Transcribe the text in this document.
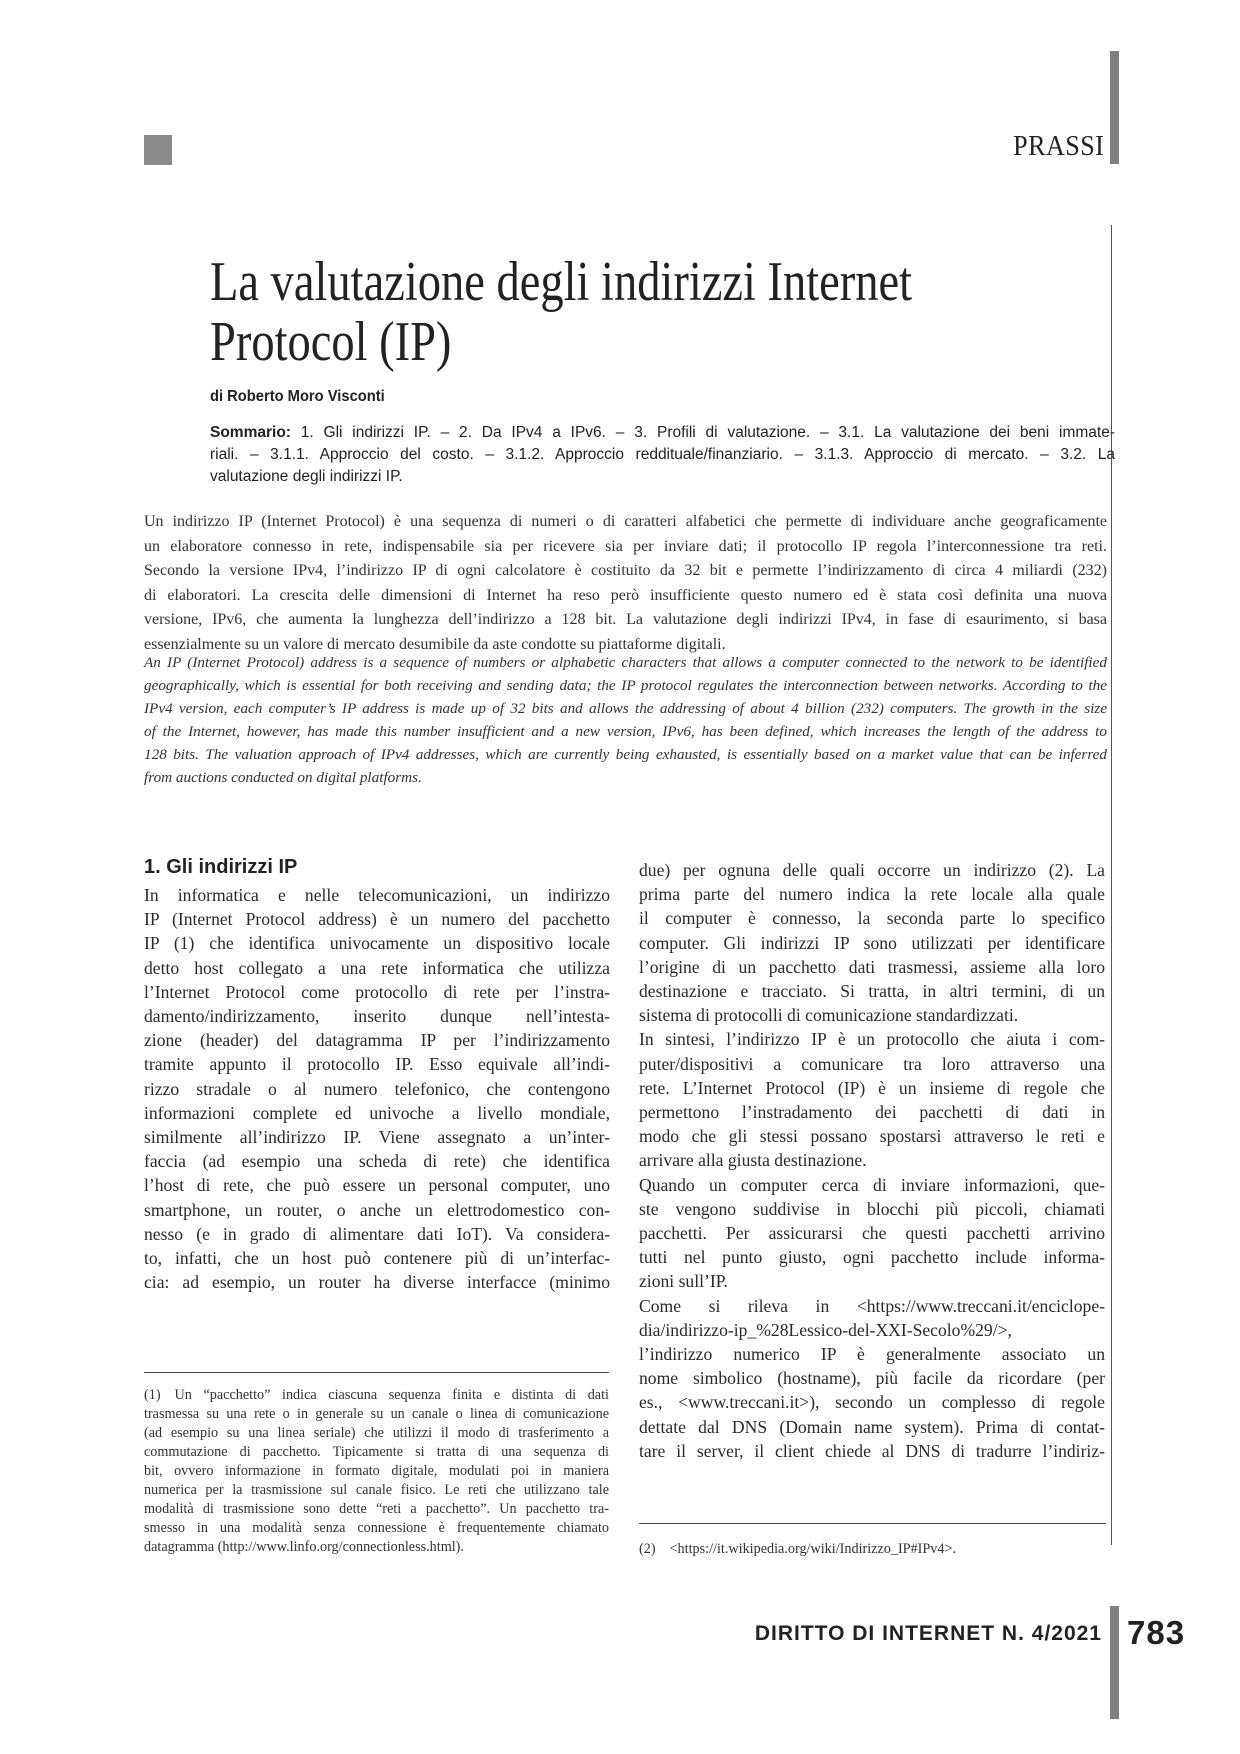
PRASSI
La valutazione degli indirizzi Internet
Protocol (IP)
di Roberto Moro Visconti
Sommario: 1. Gli indirizzi IP. – 2. Da IPv4 a IPv6. – 3. Profili di valutazione. – 3.1. La valutazione dei beni immate-
riali. – 3.1.1. Approccio del costo. – 3.1.2. Approccio reddituale/finanziario. – 3.1.3. Approccio di mercato. – 3.2. La
valutazione degli indirizzi IP.
Un indirizzo IP (Internet Protocol) è una sequenza di numeri o di caratteri alfabetici che permette di individuare anche geograficamente
un elaboratore connesso in rete, indispensabile sia per ricevere sia per inviare dati; il protocollo IP regola l’interconnessione tra reti.
Secondo la versione IPv4, l’indirizzo IP di ogni calcolatore è costituito da 32 bit e permette l’indirizzamento di circa 4 miliardi (232)
di elaboratori. La crescita delle dimensioni di Internet ha reso però insufficiente questo numero ed è stata così definita una nuova
versione, IPv6, che aumenta la lunghezza dell’indirizzo a 128 bit. La valutazione degli indirizzi IPv4, in fase di esaurimento, si basa
essenzialmente su un valore di mercato desumibile da aste condotte su piattaforme digitali.
An IP (Internet Protocol) address is a sequence of numbers or alphabetic characters that allows a computer connected to the network to be identified
geographically, which is essential for both receiving and sending data; the IP protocol regulates the interconnection between networks. According to the
IPv4 version, each computer’s IP address is made up of 32 bits and allows the addressing of about 4 billion (232) computers. The growth in the size
of the Internet, however, has made this number insufficient and a new version, IPv6, has been defined, which increases the length of the address to
128 bits. The valuation approach of IPv4 addresses, which are currently being exhausted, is essentially based on a market value that can be inferred
from auctions conducted on digital platforms.
1. Gli indirizzi IP
In informatica e nelle telecomunicazioni, un indirizzo
IP (Internet Protocol address) è un numero del pacchetto
IP (1) che identifica univocamente un dispositivo locale
detto host collegato a una rete informatica che utilizza
l’Internet Protocol come protocollo di rete per l’instra-
damento/indirizzamento, inserito dunque nell’intesta-
zione (header) del datagramma IP per l’indirizzamento
tramite appunto il protocollo IP. Esso equivale all’indi-
rizzo stradale o al numero telefonico, che contengono
informazioni complete ed univoche a livello mondiale,
similmente all’indirizzo IP. Viene assegnato a un’inter-
faccia (ad esempio una scheda di rete) che identifica
l’host di rete, che può essere un personal computer, uno
smartphone, un router, o anche un elettrodomestico con-
nesso (e in grado di alimentare dati IoT). Va considera-
to, infatti, che un host può contenere più di un’interfac-
cia: ad esempio, un router ha diverse interfacce (minimo
due) per ognuna delle quali occorre un indirizzo (2). La
prima parte del numero indica la rete locale alla quale
il computer è connesso, la seconda parte lo specifico
computer. Gli indirizzi IP sono utilizzati per identificare
l’origine di un pacchetto dati trasmessi, assieme alla loro
destinazione e tracciato. Si tratta, in altri termini, di un
sistema di protocolli di comunicazione standardizzati.
In sintesi, l’indirizzo IP è un protocollo che aiuta i com-
puter/dispositivi a comunicare tra loro attraverso una
rete. L’Internet Protocol (IP) è un insieme di regole che
permettono l’instradamento dei pacchetti di dati in
modo che gli stessi possano spostarsi attraverso le reti e
arrivare alla giusta destinazione.
Quando un computer cerca di inviare informazioni, que-
ste vengono suddivise in blocchi più piccoli, chiamati
pacchetti. Per assicurarsi che questi pacchetti arrivino
tutti nel punto giusto, ogni pacchetto include informa-
zioni sull’IP.
Come si rileva in <https://www.treccani.it/enciclope-
dia/indirizzo-ip_%28Lessico-del-XXI-Secolo%29/>,
l’indirizzo numerico IP è generalmente associato un
nome simbolico (hostname), più facile da ricordare (per
es., <www.treccani.it>), secondo un complesso di regole
dettate dal DNS (Domain name system). Prima di contat-
tare il server, il client chiede al DNS di tradurre l’indiriz-
(1) Un “pacchetto” indica ciascuna sequenza finita e distinta di dati
trasmessa su una rete o in generale su un canale o linea di comunicazione
(ad esempio su una linea seriale) che utilizzi il modo di trasferimento a
commutazione di pacchetto. Tipicamente si tratta di una sequenza di
bit, ovvero informazione in formato digitale, modulati poi in maniera
numerica per la trasmissione sul canale fisico. Le reti che utilizzano tale
modalità di trasmissione sono dette “reti a pacchetto”. Un pacchetto tra-
smesso in una modalità senza connessione è frequentemente chiamato
datagramma (http://www.linfo.org/connectionless.html).	(2) <https://it.wikipedia.org/wiki/Indirizzo_IP#IPv4>.
DIRITTO DI INTERNET N. 4/2021 783
